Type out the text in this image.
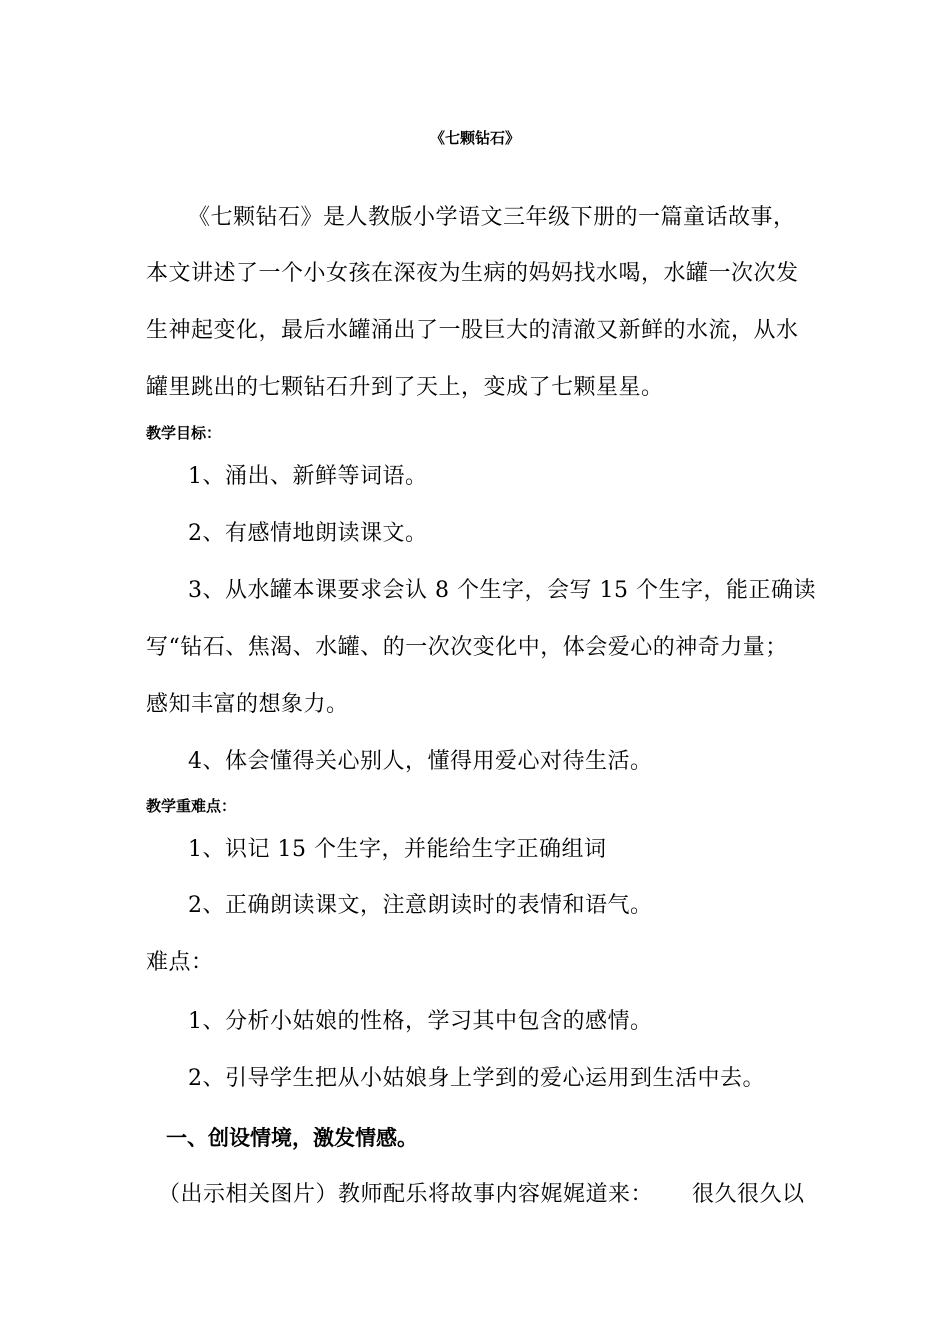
《七颗钻石》
《七颗钻石》是人教版小学语文三年级下册的一篇童话故事，
本文讲述了一个小女孩在深夜为生病的妈妈找水喝，水罐一次次发
生神起变化，最后水罐涌出了一股巨大的清澈又新鲜的水流，从水
罐里跳出的七颗钻石升到了天上，变成了七颗星星。
教学目标：
1、涌出、新鲜等词语。
2、有感情地朗读课文。
3、从水罐本课要求会认 8 个生字，会写 15 个生字，能正确读
写“钻石、焦渴、水罐、的一次次变化中，体会爱心的神奇力量；
感知丰富的想象力。
4、体会懂得关心别人，懂得用爱心对待生活。
教学重难点：
1、识记 15 个生字，并能给生字正确组词
2、正确朗读课文，注意朗读时的表情和语气。
难点：
1、分析小姑娘的性格，学习其中包含的感情。
2、引导学生把从小姑娘身上学到的爱心运用到生活中去。
一、创设情境，激发情感。
（出示相关图片）教师配乐将故事内容娓娓道来： 很久很久以
